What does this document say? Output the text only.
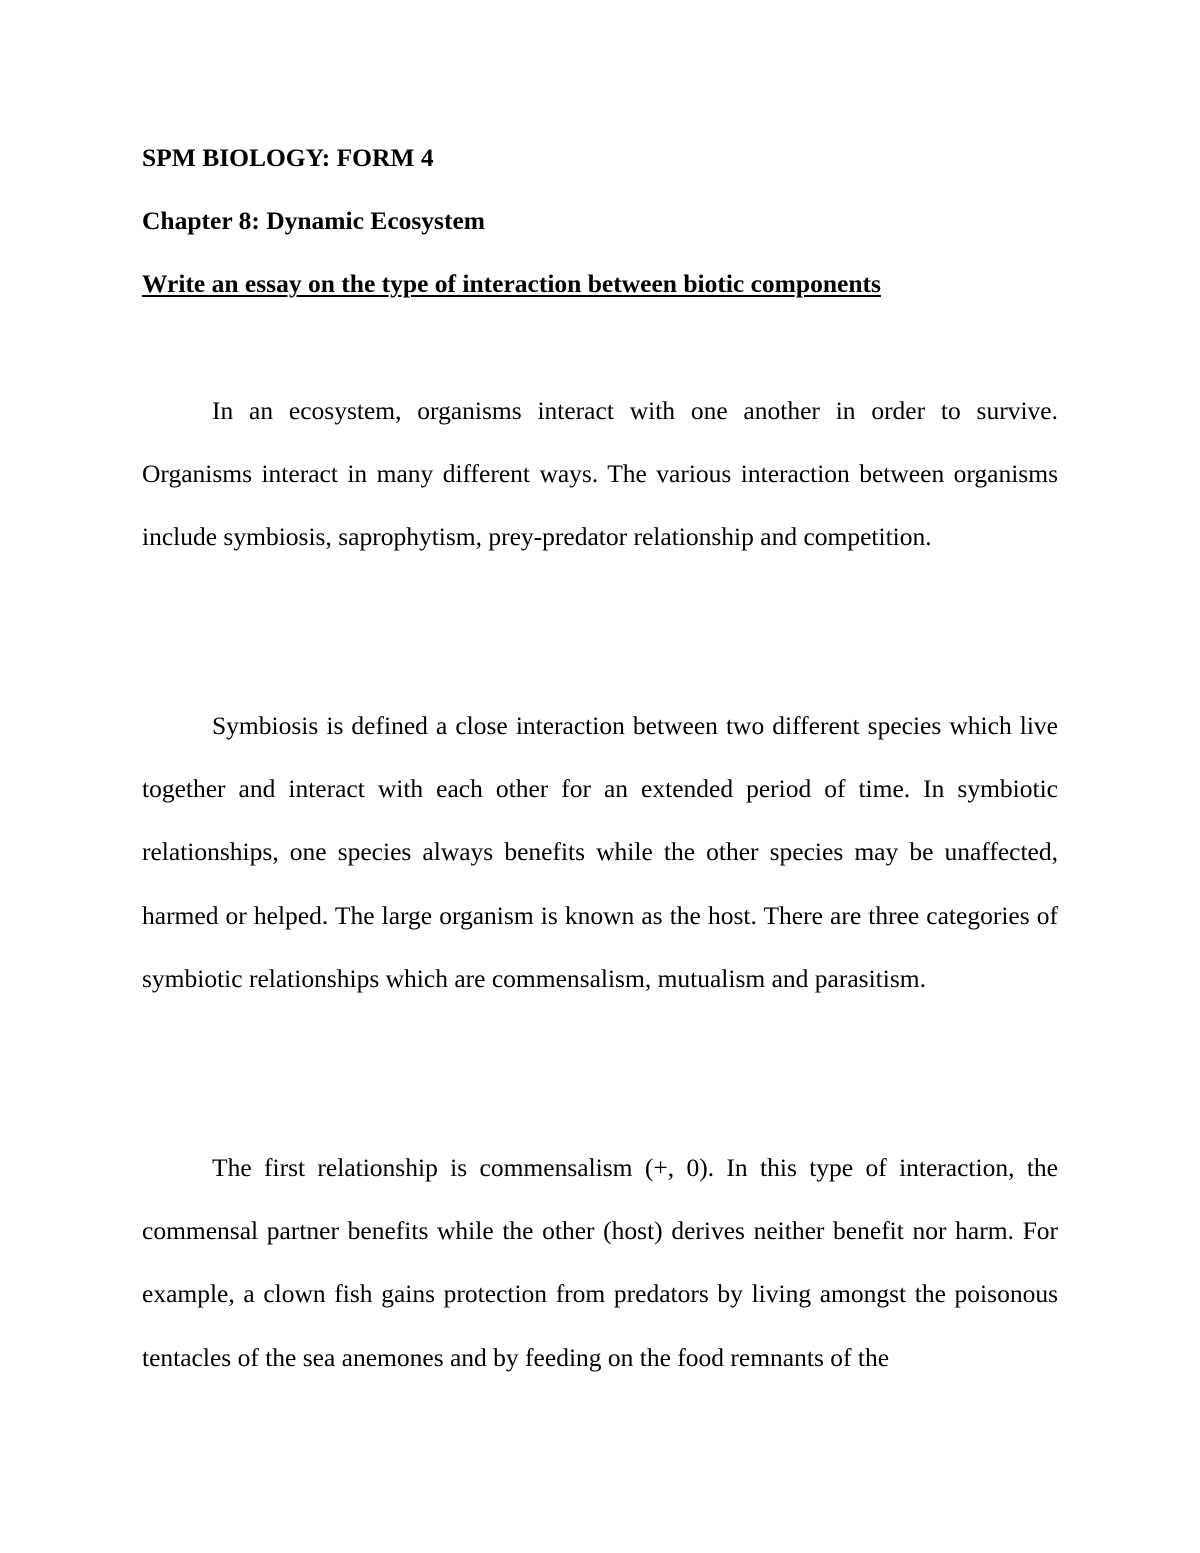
SPM BIOLOGY: FORM 4
Chapter 8: Dynamic Ecosystem
Write an essay on the type of interaction between biotic components

In an ecosystem, organisms interact with one another in order to survive. Organisms interact in many different ways. The various interaction between organisms include symbiosis, saprophytism, prey-predator relationship and competition.

Symbiosis is defined a close interaction between two different species which live together and interact with each other for an extended period of time. In symbiotic relationships, one species always benefits while the other species may be unaffected, harmed or helped. The large organism is known as the host. There are three categories of symbiotic relationships which are commensalism, mutualism and parasitism.

The first relationship is commensalism (+, 0). In this type of interaction, the commensal partner benefits while the other (host) derives neither benefit nor harm. For example, a clown fish gains protection from predators by living amongst the poisonous tentacles of the sea anemones and by feeding on the food remnants of the
